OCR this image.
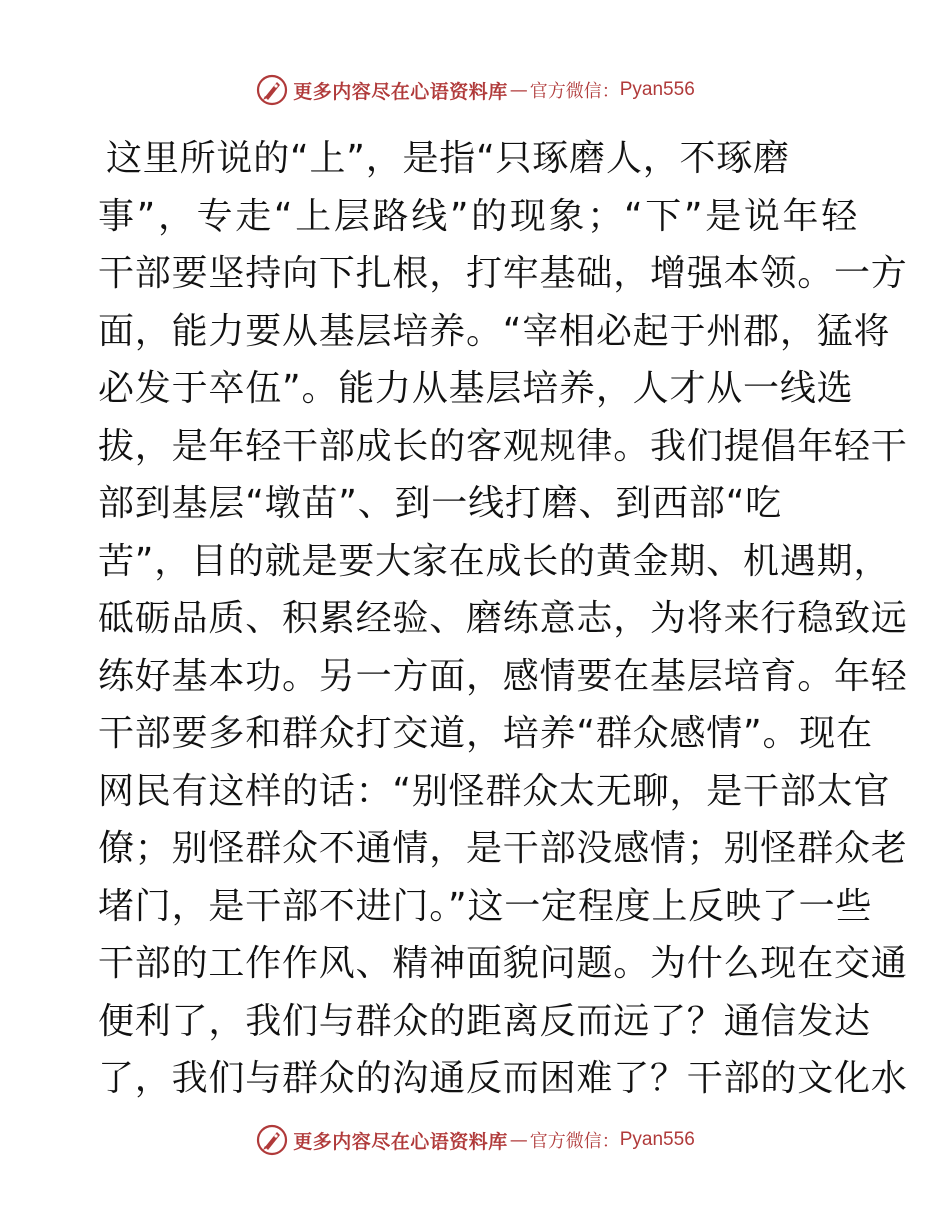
更多内容尽在心语资料库 — 官方微信： Pyan556
这里所说的“上”，是指“只琢磨人，不琢磨
事”，专走“上层路线”的现象；“下”是说年轻
干部要坚持向下扎根，打牢基础，增强本领。一方
面，能力要从基层培养。“宰相必起于州郡，猛将
必发于卒伍”。能力从基层培养，人才从一线选
拔，是年轻干部成长的客观规律。我们提倡年轻干
部到基层“墩苗”、到一线打磨、到西部“吃
苦”，目的就是要大家在成长的黄金期、机遇期，
砥砺品质、积累经验、磨练意志，为将来行稳致远
练好基本功。另一方面，感情要在基层培育。年轻
干部要多和群众打交道，培养“群众感情”。现在
网民有这样的话：“别怪群众太无聊，是干部太官
僚；别怪群众不通情，是干部没感情；别怪群众老
堵门，是干部不进门。”这一定程度上反映了一些
干部的工作作风、精神面貌问题。为什么现在交通
便利了，我们与群众的距离反而远了？通信发达
了，我们与群众的沟通反而困难了？干部的文化水
更多内容尽在心语资料库 — 官方微信： Pyan556
